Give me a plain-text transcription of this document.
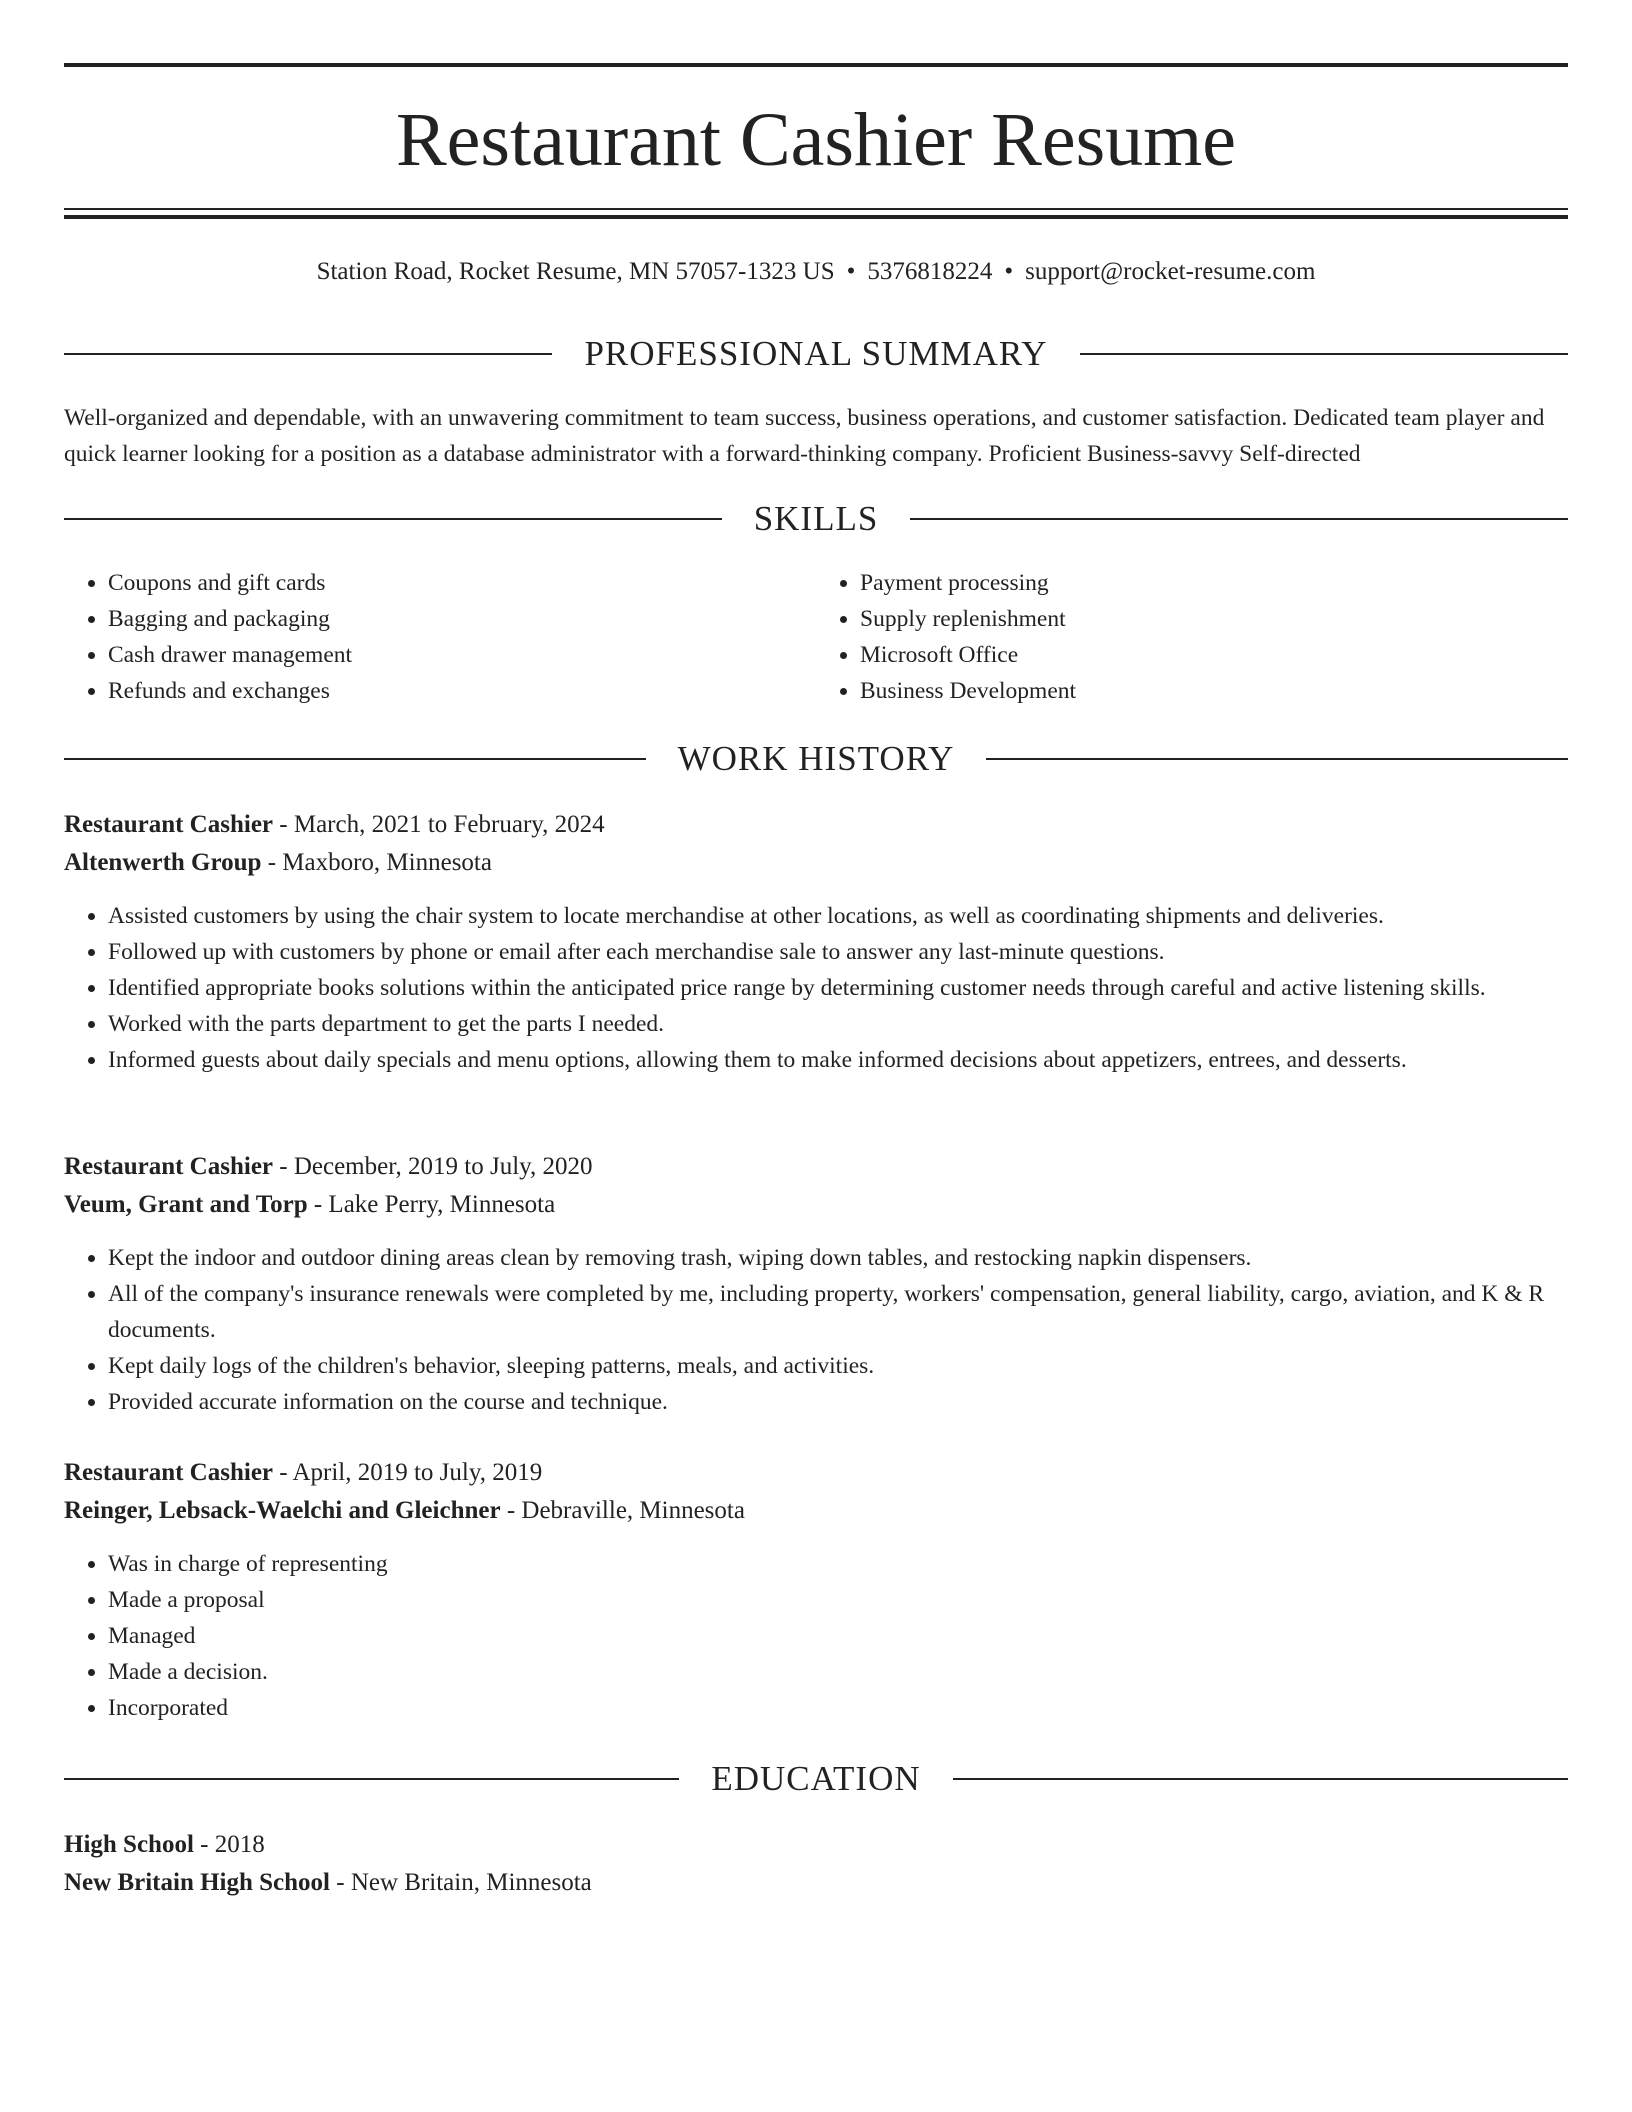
Restaurant Cashier Resume
Station Road, Rocket Resume, MN 57057-1323 US • 5376818224 • support@rocket-resume.com
PROFESSIONAL SUMMARY

Well-organized and dependable, with an unwavering commitment to team success, business operations, and customer satisfaction. Dedicated team player and quick learner looking for a position as a database administrator with a forward-thinking company. Proficient Business-savvy Self-directed

SKILLS
• Coupons and gift cards
• Bagging and packaging
• Cash drawer management
• Refunds and exchanges
• Payment processing
• Supply replenishment
• Microsoft Office
• Business Development
WORK HISTORY
Restaurant Cashier - March, 2021 to February, 2024
Altenwerth Group - Maxboro, Minnesota
• Assisted customers by using the chair system to locate merchandise at other locations, as well as coordinating shipments and deliveries.
• Followed up with customers by phone or email after each merchandise sale to answer any last-minute questions.
• Identified appropriate books solutions within the anticipated price range by determining customer needs through careful and active listening skills.
• Worked with the parts department to get the parts I needed.
• Informed guests about daily specials and menu options, allowing them to make informed decisions about appetizers, entrees, and desserts.
Restaurant Cashier - December, 2019 to July, 2020
Veum, Grant and Torp - Lake Perry, Minnesota
• Kept the indoor and outdoor dining areas clean by removing trash, wiping down tables, and restocking napkin dispensers.
• All of the company's insurance renewals were completed by me, including property, workers' compensation, general liability, cargo, aviation, and K & R documents.
• Kept daily logs of the children's behavior, sleeping patterns, meals, and activities.
• Provided accurate information on the course and technique.
Restaurant Cashier - April, 2019 to July, 2019
Reinger, Lebsack-Waelchi and Gleichner - Debraville, Minnesota
• Was in charge of representing
• Made a proposal
• Managed
• Made a decision.
• Incorporated
EDUCATION
High School - 2018
New Britain High School - New Britain, Minnesota
